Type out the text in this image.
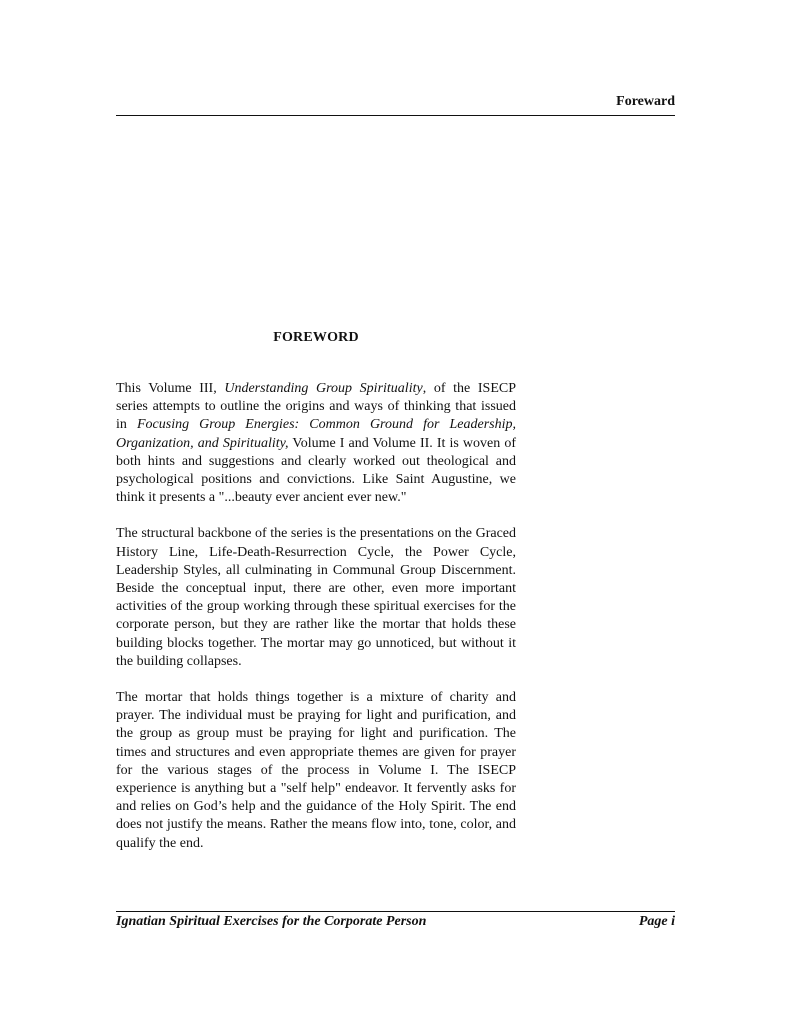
Foreward
FOREWORD

This Volume III, Understanding Group Spirituality, of the ISECP series attempts to outline the origins and ways of thinking that issued in Focusing Group Energies: Common Ground for Leadership, Organization, and Spirituality, Volume I and Volume II. It is woven of both hints and suggestions and clearly worked out theological and psychological positions and convictions. Like Saint Augustine, we think it presents a "...beauty ever ancient ever new."

The structural backbone of the series is the presentations on the Graced History Line, Life-Death-Resurrection Cycle, the Power Cycle, Leadership Styles, all culminating in Communal Group Discernment. Beside the conceptual input, there are other, even more important activities of the group working through these spiritual exercises for the corporate person, but they are rather like the mortar that holds these building blocks together. The mortar may go unnoticed, but without it the building collapses.

The mortar that holds things together is a mixture of charity and prayer. The individual must be praying for light and purification, and the group as group must be praying for light and purification. The times and structures and even appropriate themes are given for prayer for the various stages of the process in Volume I. The ISECP experience is anything but a "self help" endeavor. It fervently asks for and relies on God’s help and the guidance of the Holy Spirit. The end does not justify the means. Rather the means flow into, tone, color, and qualify the end.

Ignatian Spiritual Exercises for the Corporate Person	Page i
